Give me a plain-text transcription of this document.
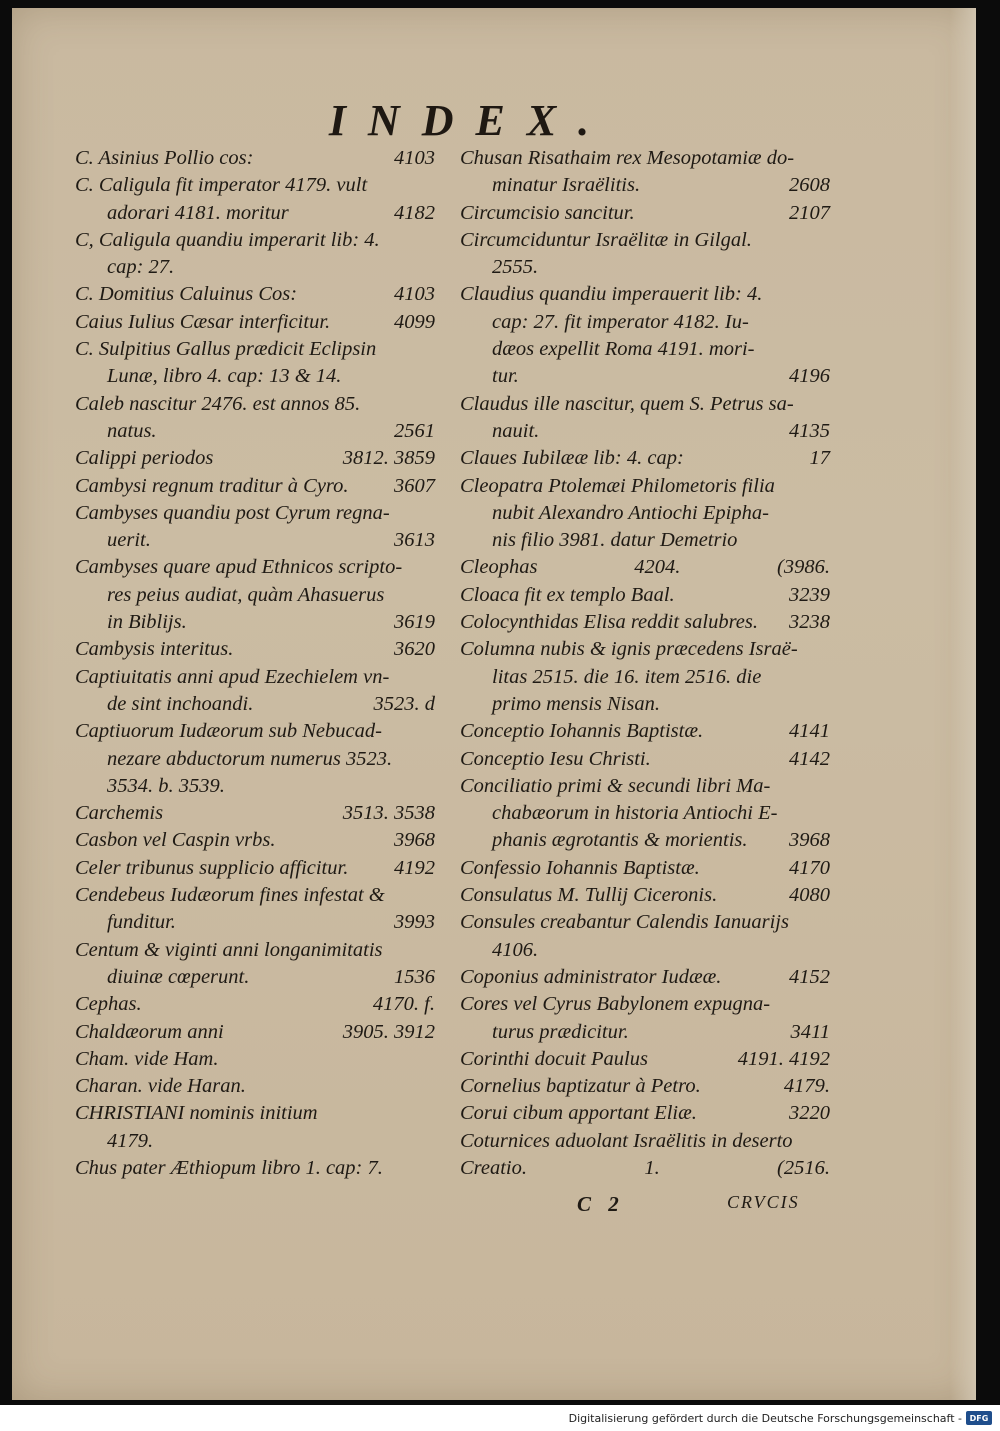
INDEX.
C. Asinius Pollio cos:	4103
C. Caligula fit imperator 4179. vult
adorari 4181. moritur	4182
C, Caligula quandiu imperarit lib: 4.
cap: 27.
C. Domitius Caluinus Cos:	4103
Caius Iulius Cæsar interficitur.	4099
C. Sulpitius Gallus prædicit Eclipsin
Lunæ, libro 4. cap: 13 & 14.
Caleb nascitur 2476. est annos 85.
natus.	2561
Calippi periodos	3812. 3859
Cambysi regnum traditur à Cyro. 3607
Cambyses quandiu post Cyrum regna-
uerit.	3613
Cambyses quare apud Ethnicos scripto-
res peius audiat, quàm Ahasuerus
in Biblijs.	3619
Cambysis interitus.	3620
Captiuitatis anni apud Ezechielem vn-
de sint inchoandi.	3523. d
Captiuorum Iudæorum sub Nebucad-
nezare abductorum numerus 3523.
3534. b. 3539.
Carchemis	3513. 3538
Casbon vel Caspin vrbs.	3968
Celer tribunus supplicio afficitur. 4192
Cendebeus Iudæorum fines infestat &
funditur.	3993
Centum & viginti anni longanimitatis
diuinæ cœperunt.	1536
Cephas.	4170. f.
Chaldæorum anni	3905. 3912
Cham. vide Ham.
Charan. vide Haran.
CHRISTIANI nominis initium
4179.
Chus pater Æthiopum libro 1. cap: 7.
Chusan Risathaim rex Mesopotamiæ do-
minatur Israëlitis.	2608
Circumcisio sancitur.	2107
Circumciduntur Israëlitæ in Gilgal.
2555.
Claudius quandiu imperauerit lib: 4.
cap: 27. fit imperator 4182. Iu-
dæos expellit Roma 4191. mori-
tur.	4196
Claudus ille nascitur, quem S. Petrus sa-
nauit.	4135
Claues Iubilææ lib: 4. cap:	17
Cleopatra Ptolemæi Philometoris filia
nubit Alexandro Antiochi Epipha-
nis filio 3981. datur Demetrio
Cleophas	4204.	(3986.
Cloaca fit ex templo Baal.	3239
Colocynthidas Elisa reddit salubres. 3238
Columna nubis & ignis præcedens Israë-
litas 2515. die 16. item 2516. die
primo mensis Nisan.
Conceptio Iohannis Baptistæ.	4141
Conceptio Iesu Christi.	4142
Conciliatio primi & secundi libri Ma-
chabæorum in historia Antiochi E-
phanis ægrotantis & morientis. 3968
Confessio Iohannis Baptistæ.	4170
Consulatus M. Tullij Ciceronis.	4080
Consules creabantur Calendis Ianuarijs
4106.
Coponius administrator Iudææ.	4152
Cores vel Cyrus Babylonem expugna-
turus prædicitur.	3411
Corinthi docuit Paulus	4191. 4192
Cornelius baptizatur à Petro.	4179.
Corui cibum apportant Eliæ.	3220
Coturnices aduolant Israëlitis in deserto
Creatio.	1.	(2516.
C 2	CRVCIS
Digitalisierung gefördert durch die Deutsche Forschungsgemeinschaft - DFG
